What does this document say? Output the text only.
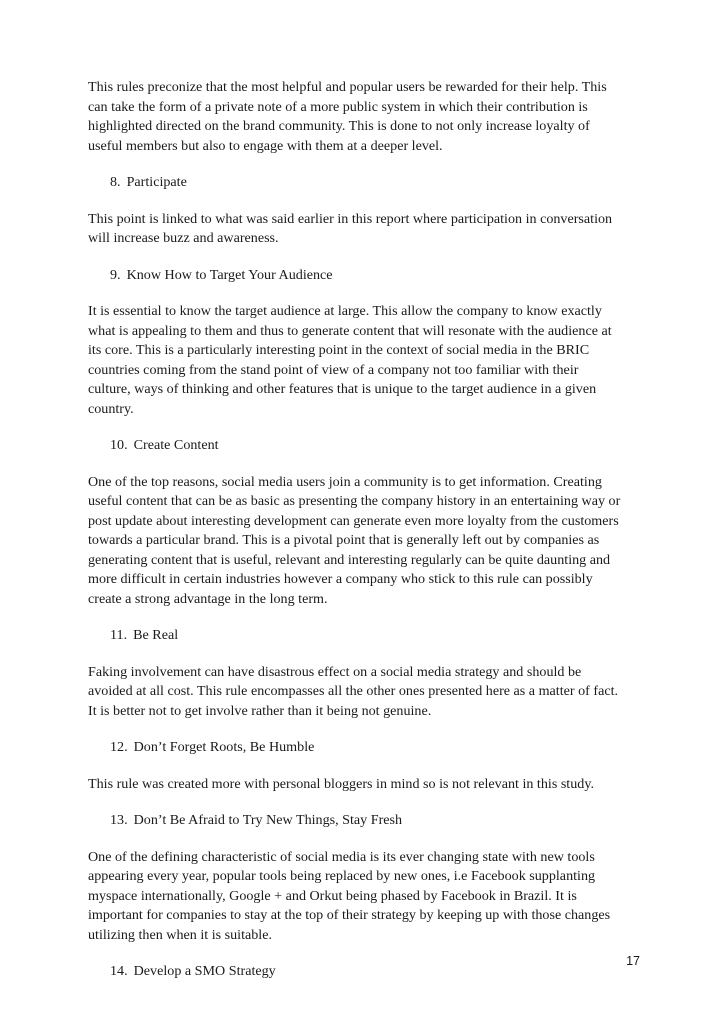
This rules preconize that the most helpful and popular users be rewarded for their help. This
can take the form of a private note of a more public system in which their contribution is
highlighted directed on the brand community. This is done to not only increase loyalty of
useful members but also to engage with them at a deeper level.
8. Participate
This point is linked to what was said earlier in this report where participation in conversation
will increase buzz and awareness.
9. Know How to Target Your Audience
It is essential to know the target audience at large. This allow the company to know exactly
what is appealing to them and thus to generate content that will resonate with the audience at
its core. This is a particularly interesting point in the context of social media in the BRIC
countries coming from the stand point of view of a company not too familiar with their
culture, ways of thinking and other features that is unique to the target audience in a given
country.
10. Create Content
One of the top reasons, social media users join a community is to get information. Creating
useful content that can be as basic as presenting the company history in an entertaining way or
post update about interesting development can generate even more loyalty from the customers
towards a particular brand. This is a pivotal point that is generally left out by companies as
generating content that is useful, relevant and interesting regularly can be quite daunting and
more difficult in certain industries however a company who stick to this rule can possibly
create a strong advantage in the long term.
11. Be Real
Faking involvement can have disastrous effect on a social media strategy and should be
avoided at all cost. This rule encompasses all the other ones presented here as a matter of fact.
It is better not to get involve rather than it being not genuine.
12. Don’t Forget Roots, Be Humble
This rule was created more with personal bloggers in mind so is not relevant in this study.
13. Don’t Be Afraid to Try New Things, Stay Fresh
One of the defining characteristic of social media is its ever changing state with new tools
appearing every year, popular tools being replaced by new ones, i.e Facebook supplanting
myspace internationally, Google + and Orkut being phased by Facebook in Brazil. It is
important for companies to stay at the top of their strategy by keeping up with those changes
utilizing then when it is suitable.
14. Develop a SMO Strategy
17
